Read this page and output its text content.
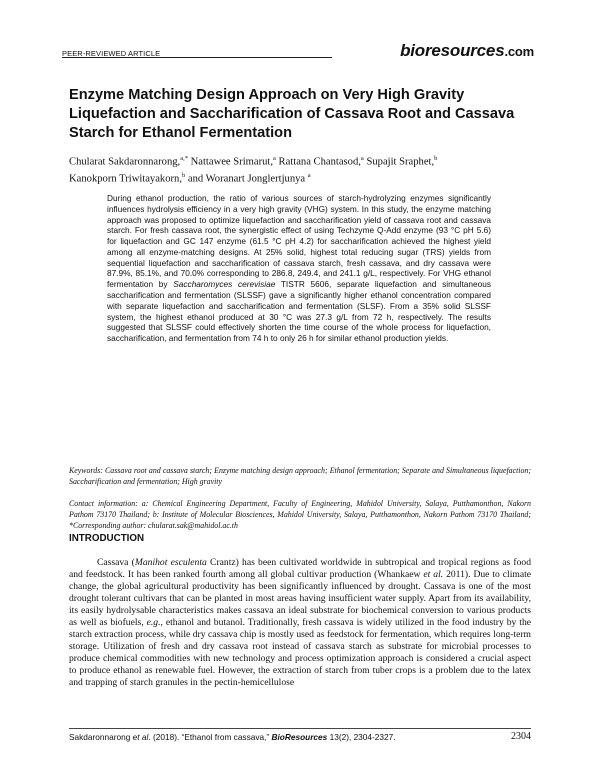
PEER-REVIEWED ARTICLE	bioresources.com
Enzyme Matching Design Approach on Very High Gravity Liquefaction and Saccharification of Cassava Root and Cassava Starch for Ethanol Fermentation
Chularat Sakdaronnarong,$^{a,*}$ Nattawee Srimarut,$^a$ Rattana Chantasod,$^a$ Supajit Sraphet,$^b$
Kanokporn Triwitayakorn,$^b$ and Woranart Jonglertjunya $^a$
During ethanol production, the ratio of various sources of starch-hydrolyzing enzymes significantly influences hydrolysis efficiency in a very high gravity (VHG) system. In this study, the enzyme matching approach was proposed to optimize liquefaction and saccharification yield of cassava root and cassava starch. For fresh cassava root, the synergistic effect of using Techzyme Q-Add enzyme (93 °C pH 5.6) for liquefaction and GC 147 enzyme (61.5 °C pH 4.2) for saccharification achieved the highest yield among all enzyme-matching designs. At 25% solid, highest total reducing sugar (TRS) yields from sequential liquefaction and saccharification of cassava starch, fresh cassava, and dry cassava were 87.9%, 85.1%, and 70.0% corresponding to 286.8, 249.4, and 241.1 g/L, respectively. For VHG ethanol fermentation by Saccharomyces cerevisiae TISTR 5606, separate liquefaction and simultaneous saccharification and fermentation (SLSSF) gave a significantly higher ethanol concentration compared with separate liquefaction and saccharification and fermentation (SLSF). From a 35% solid SLSSF system, the highest ethanol produced at 30 °C was 27.3 g/L from 72 h, respectively. The results suggested that SLSSF could effectively shorten the time course of the whole process for liquefaction, saccharification, and fermentation from 74 h to only 26 h for similar ethanol production yields.
Keywords: Cassava root and cassava starch; Enzyme matching design approach; Ethanol fermentation; Separate and Simultaneous liquefaction; Saccharification and fermentation; High gravity
Contact information: a: Chemical Engineering Department, Faculty of Engineering, Mahidol University, Salaya, Putthamonthon, Nakorn Pathom 73170 Thailand; b: Institute of Molecular Biosciences, Mahidol University, Salaya, Putthamonthon, Nakorn Pathom 73170 Thailand; *Corresponding author: chularat.sak@mahidol.ac.th
INTRODUCTION
Cassava (Manihot esculenta Crantz) has been cultivated worldwide in subtropical and tropical regions as food and feedstock. It has been ranked fourth among all global cultivar production (Whankaew et al. 2011). Due to climate change, the global agricultural productivity has been significantly influenced by drought. Cassava is one of the most drought tolerant cultivars that can be planted in most areas having insufficient water supply. Apart from its availability, its easily hydrolysable characteristics makes cassava an ideal substrate for biochemical conversion to various products as well as biofuels, e.g., ethanol and butanol. Traditionally, fresh cassava is widely utilized in the food industry by the starch extraction process, while dry cassava chip is mostly used as feedstock for fermentation, which requires long-term storage. Utilization of fresh and dry cassava root instead of cassava starch as substrate for microbial processes to produce chemical commodities with new technology and process optimization approach is considered a crucial aspect to produce ethanol as renewable fuel. However, the extraction of starch from tuber crops is a problem due to the latex and trapping of starch granules in the pectin-hemicellulose
Sakdaronnarong et al. (2018). “Ethanol from cassava,” BioResources 13(2), 2304-2327.	2304
